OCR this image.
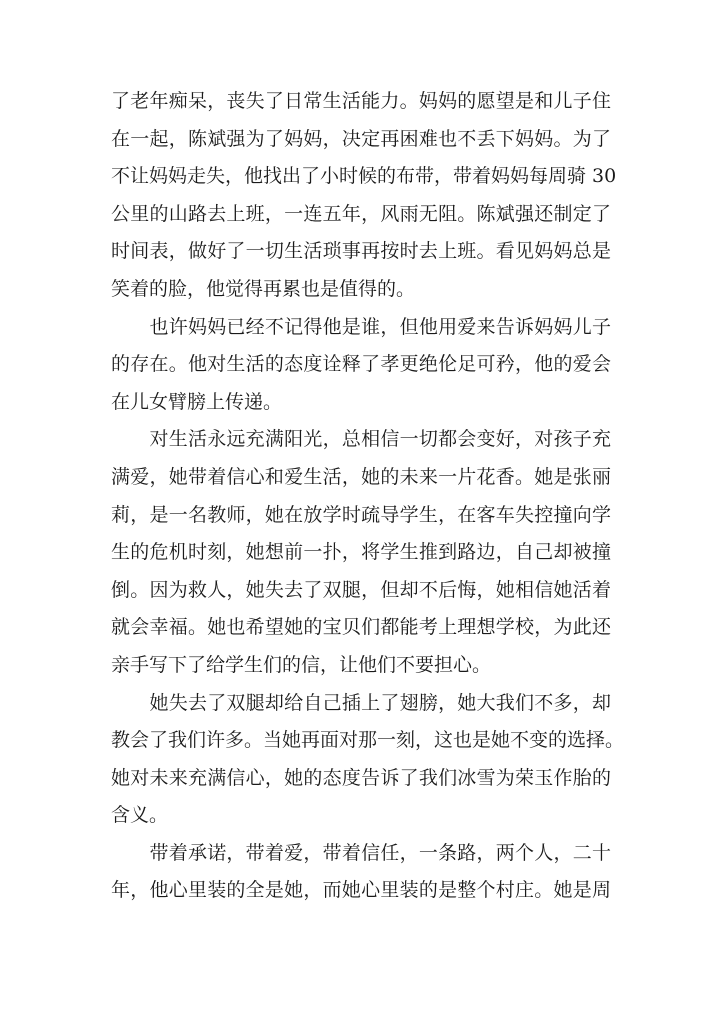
了老年痴呆，丧失了日常生活能力。妈妈的愿望是和儿子住
在一起，陈斌强为了妈妈，决定再困难也不丢下妈妈。为了
不让妈妈走失，他找出了小时候的布带，带着妈妈每周骑 30
公里的山路去上班，一连五年，风雨无阻。陈斌强还制定了
时间表，做好了一切生活琐事再按时去上班。看见妈妈总是
笑着的脸，他觉得再累也是值得的。
　　也许妈妈已经不记得他是谁，但他用爱来告诉妈妈儿子
的存在。他对生活的态度诠释了孝更绝伦足可矜，他的爱会
在儿女臂膀上传递。
　　对生活永远充满阳光，总相信一切都会变好，对孩子充
满爱，她带着信心和爱生活，她的未来一片花香。她是张丽
莉，是一名教师，她在放学时疏导学生，在客车失控撞向学
生的危机时刻，她想前一扑，将学生推到路边，自己却被撞
倒。因为救人，她失去了双腿，但却不后悔，她相信她活着
就会幸福。她也希望她的宝贝们都能考上理想学校，为此还
亲手写下了给学生们的信，让他们不要担心。
　　她失去了双腿却给自己插上了翅膀，她大我们不多，却
教会了我们许多。当她再面对那一刻，这也是她不变的选择。
她对未来充满信心，她的态度告诉了我们冰雪为荣玉作胎的
含义。
　　带着承诺，带着爱，带着信任，一条路，两个人，二十
年，他心里装的全是她，而她心里装的是整个村庄。她是周
